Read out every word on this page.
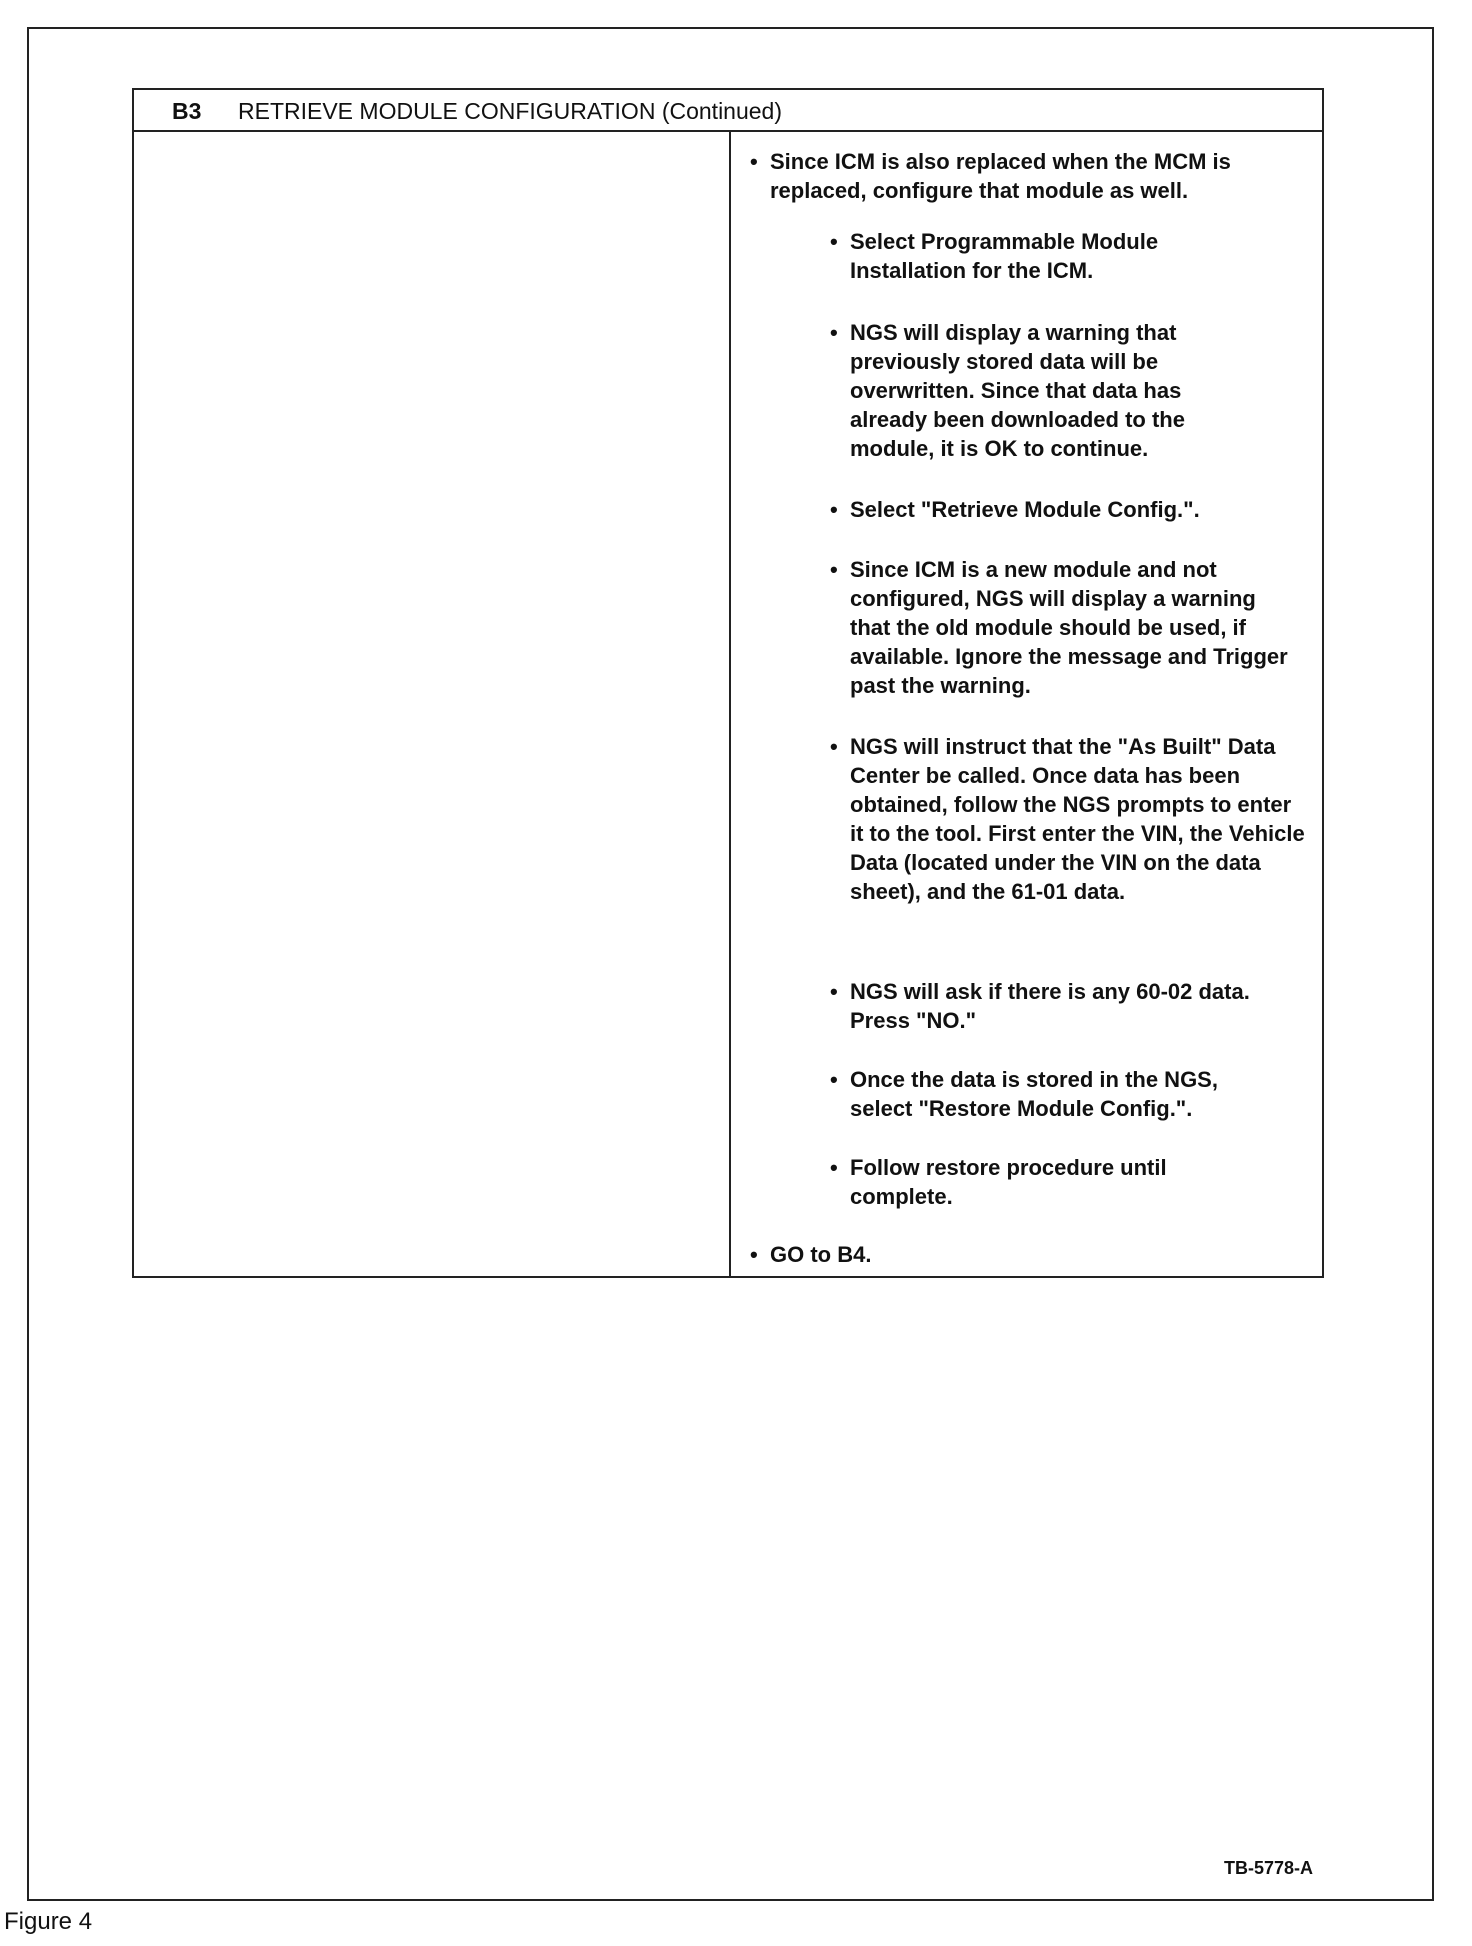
B3 RETRIEVE MODULE CONFIGURATION (Continued)
• Since ICM is also replaced when the MCM is replaced, configure that module as well.
• Select Programmable Module Installation for the ICM.
• NGS will display a warning that previously stored data will be overwritten. Since that data has already been downloaded to the module, it is OK to continue.
• Select "Retrieve Module Config.".
• Since ICM is a new module and not configured, NGS will display a warning that the old module should be used, if available. Ignore the message and Trigger past the warning.
• NGS will instruct that the "As Built" Data Center be called. Once data has been obtained, follow the NGS prompts to enter it to the tool. First enter the VIN, the Vehicle Data (located under the VIN on the data sheet), and the 61-01 data.
• NGS will ask if there is any 60-02 data. Press "NO."
• Once the data is stored in the NGS, select "Restore Module Config.".
• Follow restore procedure until complete.
• GO to B4.
TB-5778-A
Figure 4
